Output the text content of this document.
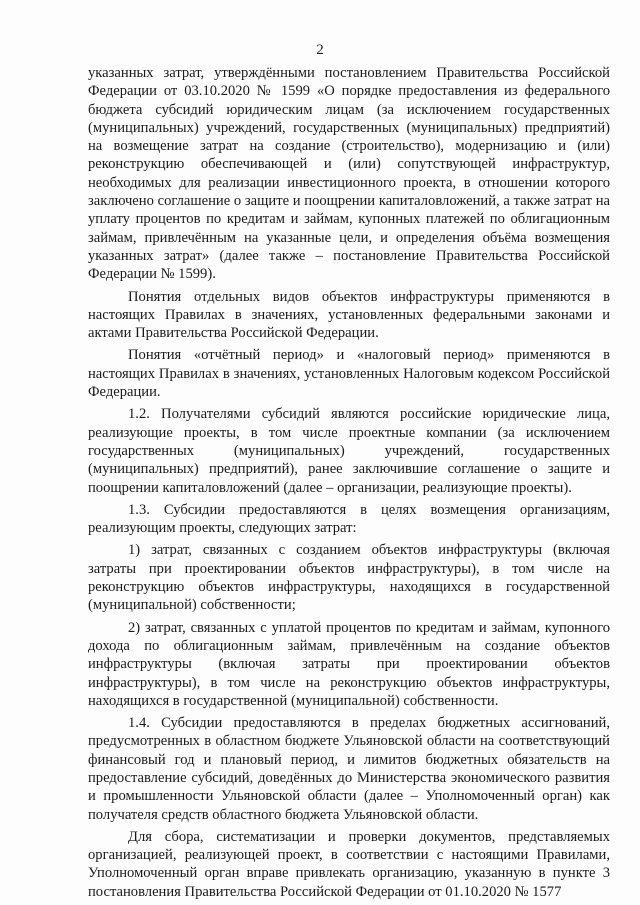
2

указанных затрат, утверждёнными постановлением Правительства Российской Федерации от 03.10.2020 № 1599 «О порядке предоставления из федерального бюджета субсидий юридическим лицам (за исключением государственных (муниципальных) учреждений, государственных (муниципальных) предприятий) на возмещение затрат на создание (строительство), модернизацию и (или) реконструкцию обеспечивающей и (или) сопутствующей инфраструктур, необходимых для реализации инвестиционного проекта, в отношении которого заключено соглашение о защите и поощрении капиталовложений, а также затрат на уплату процентов по кредитам и займам, купонных платежей по облигационным займам, привлечённым на указанные цели, и определения объёма возмещения указанных затрат» (далее также – постановление Правительства Российской Федерации № 1599).

Понятия отдельных видов объектов инфраструктуры применяются в настоящих Правилах в значениях, установленных федеральными законами и актами Правительства Российской Федерации.

Понятия «отчётный период» и «налоговый период» применяются в настоящих Правилах в значениях, установленных Налоговым кодексом Российской Федерации.

1.2. Получателями субсидий являются российские юридические лица, реализующие проекты, в том числе проектные компании (за исключением государственных (муниципальных) учреждений, государственных (муниципальных) предприятий), ранее заключившие соглашение о защите и поощрении капиталовложений (далее – организации, реализующие проекты).

1.3. Субсидии предоставляются в целях возмещения организациям, реализующим проекты, следующих затрат:

1) затрат, связанных с созданием объектов инфраструктуры (включая затраты при проектировании объектов инфраструктуры), в том числе на реконструкцию объектов инфраструктуры, находящихся в государственной (муниципальной) собственности;

2) затрат, связанных с уплатой процентов по кредитам и займам, купонного дохода по облигационным займам, привлечённым на создание объектов инфраструктуры (включая затраты при проектировании объектов инфраструктуры), в том числе на реконструкцию объектов инфраструктуры, находящихся в государственной (муниципальной) собственности.

1.4. Субсидии предоставляются в пределах бюджетных ассигнований, предусмотренных в областном бюджете Ульяновской области на соответствующий финансовый год и плановый период, и лимитов бюджетных обязательств на предоставление субсидий, доведённых до Министерства экономического развития и промышленности Ульяновской области (далее – Уполномоченный орган) как получателя средств областного бюджета Ульяновской области.

Для сбора, систематизации и проверки документов, представляемых организацией, реализующей проект, в соответствии с настоящими Правилами, Уполномоченный орган вправе привлекать организацию, указанную в пункте 3 постановления Правительства Российской Федерации от 01.10.2020 № 1577
